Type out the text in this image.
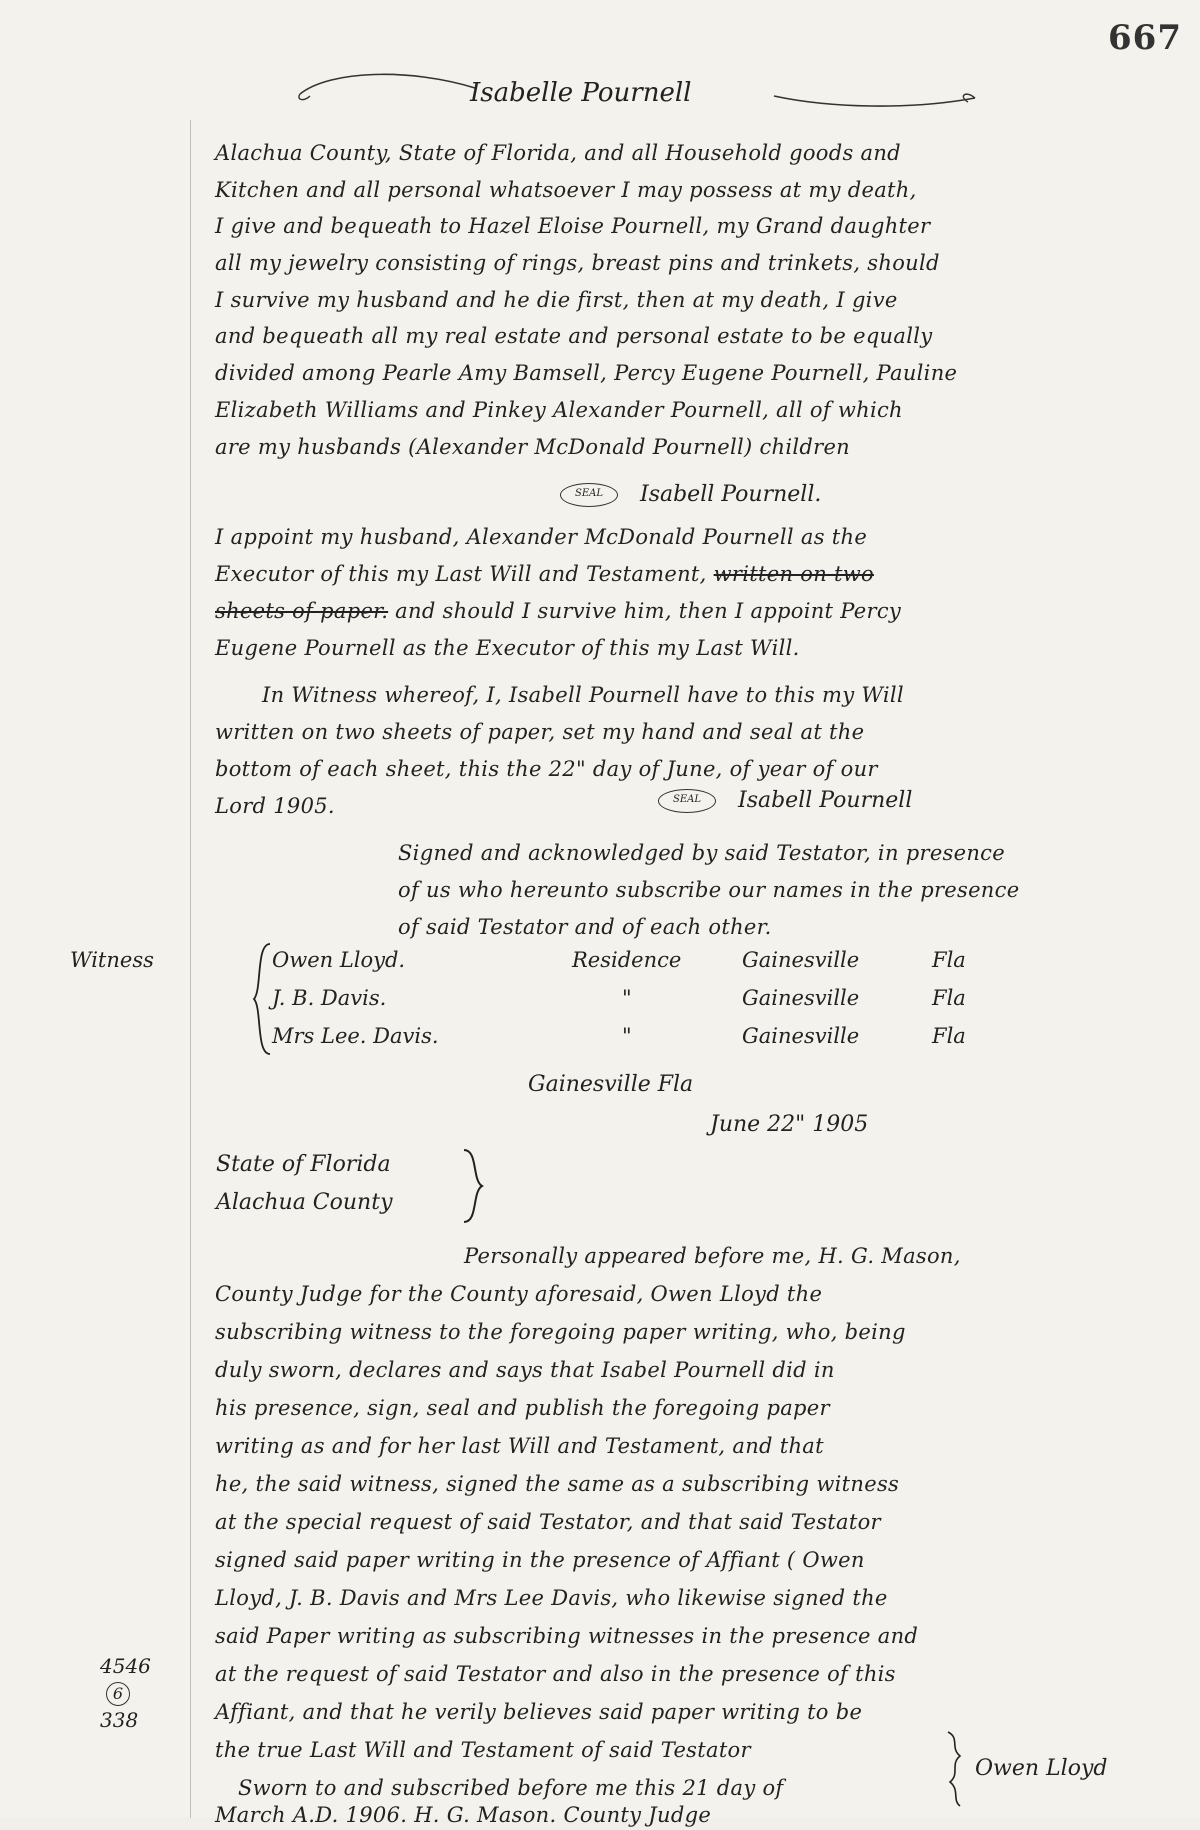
667
Isabelle Pournell
Alachua County, State of Florida, and all Household goods and
Kitchen and all personal whatsoever I may possess at my death,
I give and bequeath to Hazel Eloise Pournell, my Grand daughter
all my jewelry consisting of rings, breast pins and trinkets, should
I survive my husband and he die first, then at my death, I give
and bequeath all my real estate and personal estate to be equally
divided among Pearle Amy Bamsell, Percy Eugene Pournell, Pauline
Elizabeth Williams and Pinkey Alexander Pournell, all of which
are my husbands (Alexander McDonald Pournell) children
SEAL Isabell Pournell.
I appoint my husband, Alexander McDonald Pournell as the
Executor of this my Last Will and Testament, written on two
sheets of paper. and should I survive him, then I appoint Percy
Eugene Pournell as the Executor of this my Last Will.
In Witness whereof, I, Isabell Pournell have to this my Will
written on two sheets of paper, set my hand and seal at the
bottom of each sheet, this the 22" day of June, of year of our
Lord 1905.	SEAL Isabell Pournell
Signed and acknowledged by said Testator, in presence
of us who hereunto subscribe our names in the presence
of said Testator and of each other.
Witness	Owen Lloyd.	Residence	Gainesville	Fla
J. B. Davis.	"	Gainesville	Fla
Mrs Lee. Davis.	"	Gainesville	Fla
Gainesville Fla
June 22" 1905
State of Florida
Alachua County
Personally appeared before me, H. G. Mason,
County Judge for the County aforesaid, Owen Lloyd the
subscribing witness to the foregoing paper writing, who, being
duly sworn, declares and says that Isabel Pournell did in
his presence, sign, seal and publish the foregoing paper
writing as and for her last Will and Testament, and that
he, the said witness, signed the same as a subscribing witness
at the special request of said Testator, and that said Testator
signed said paper writing in the presence of Affiant ( Owen
Lloyd, J. B. Davis and Mrs Lee Davis, who likewise signed the
said Paper writing as subscribing witnesses in the presence and
at the request of said Testator and also in the presence of this
Affiant, and that he verily believes said paper writing to be
the true Last Will and Testament of said Testator
Owen Lloyd
Sworn to and subscribed before me this 21 day of
March A.D. 1906. H. G. Mason. County Judge
4546
6
338
